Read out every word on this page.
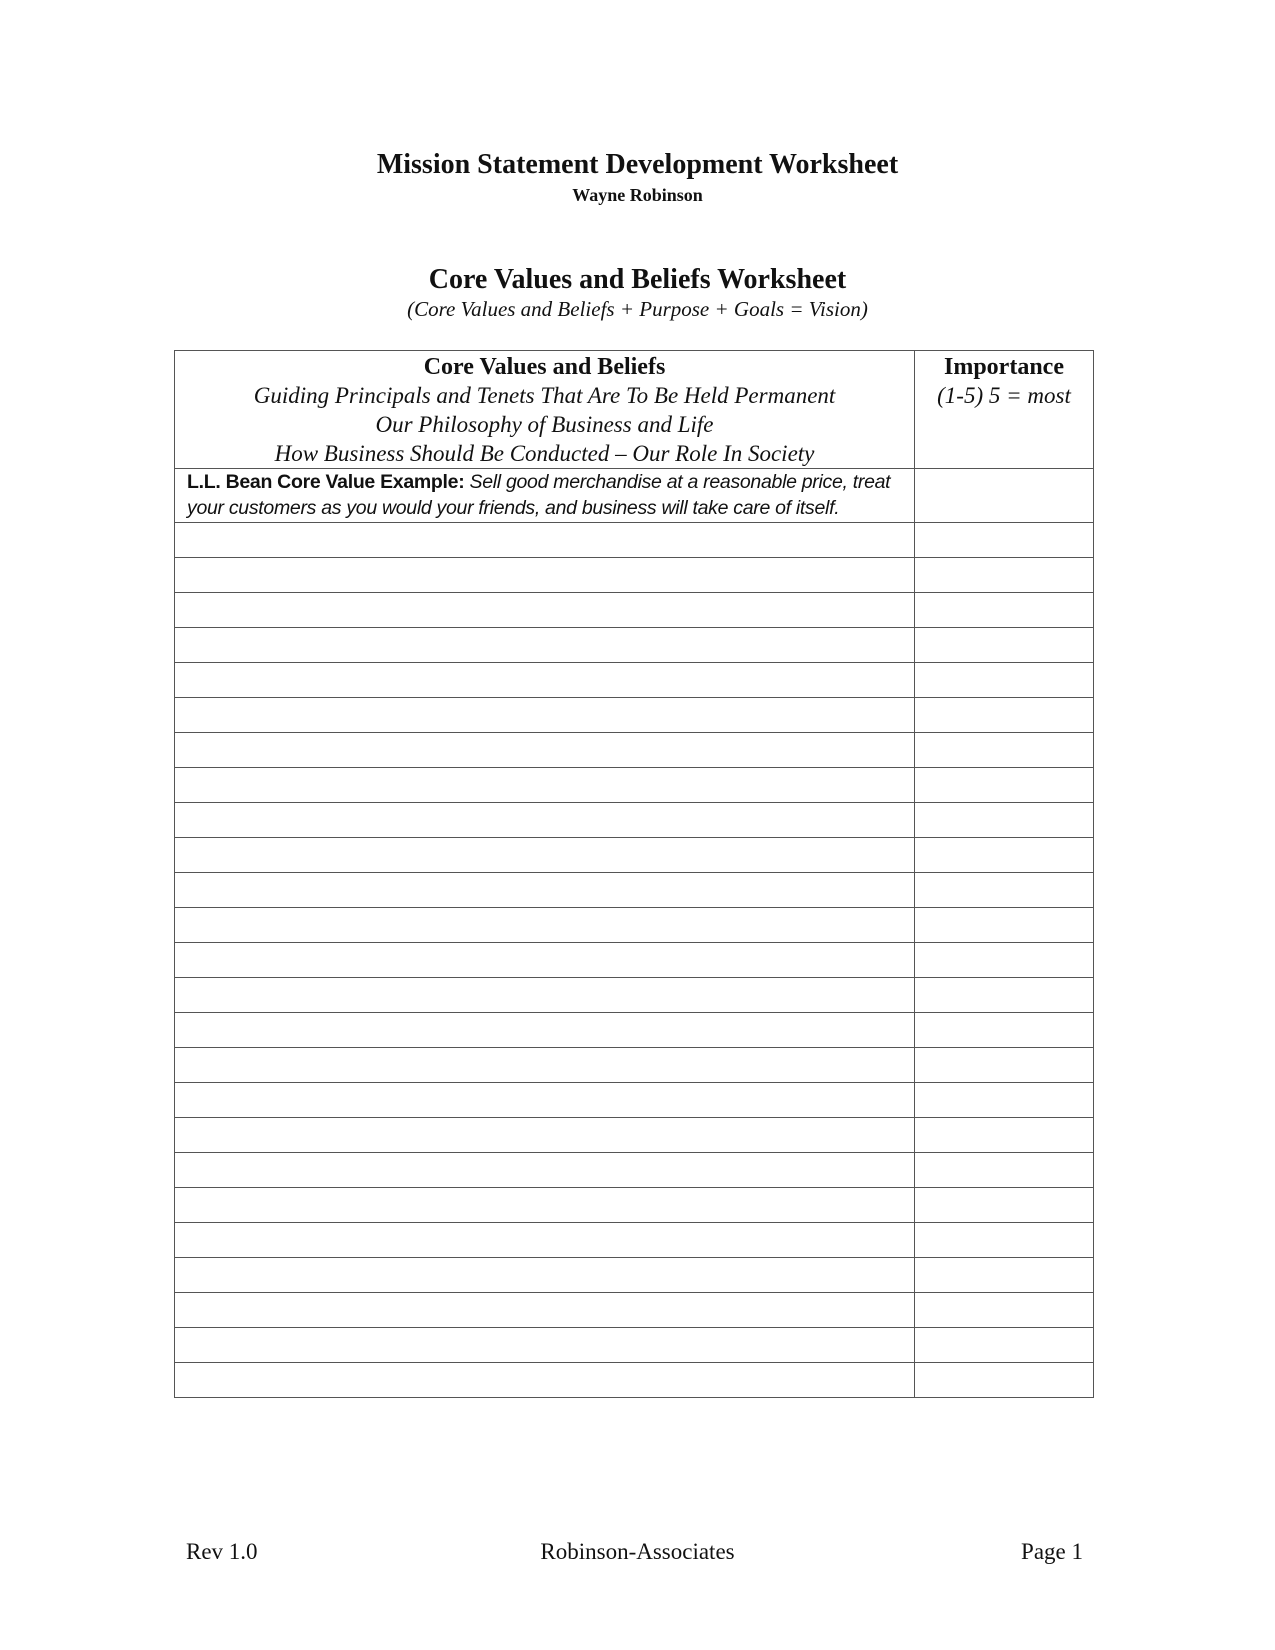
Mission Statement Development Worksheet
Wayne Robinson
Core Values and Beliefs Worksheet
(Core Values and Beliefs + Purpose + Goals = Vision)
Core Values and Beliefs
Guiding Principals and Tenets That Are To Be Held Permanent
Our Philosophy of Business and Life
How Business Should Be Conducted – Our Role In Society	Importance
(1-5) 5 = most

L.L. Bean Core Value Example: Sell good merchandise at a reasonable price, treat your customers as you would your friends, and business will take care of itself.	

Rev 1.0	Robinson-Associates	Page 1
